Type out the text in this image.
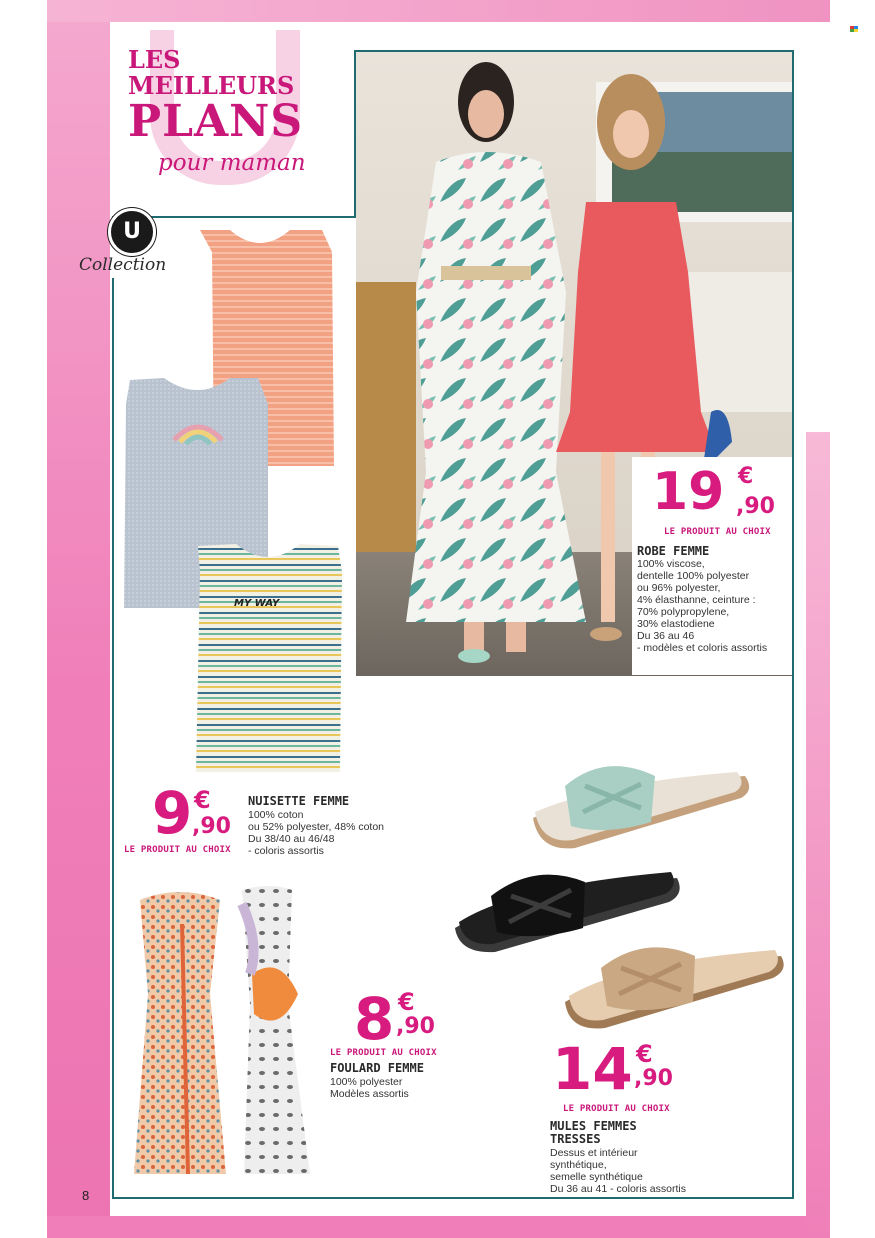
LES
MEILLEURS
PLANS
pour maman
U
Collection
19 €
,90
LE PRODUIT AU CHOIX
ROBE FEMME
100% viscose,
dentelle 100% polyester
ou 96% polyester,
4% élasthanne, ceinture :
70% polypropylene,
30% elastodiene
Du 36 au 46
- modèles et coloris assortis
MY WAY
9 €
,90
LE PRODUIT AU CHOIX
NUISETTE FEMME
100% coton
ou 52% polyester, 48% coton
Du 38/40 au 46/48
- coloris assortis
8 €
,90
LE PRODUIT AU CHOIX
FOULARD FEMME
100% polyester
Modèles assortis 14 €
,90
LE PRODUIT AU CHOIX
MULES FEMMES
TRESSES
Dessus et intérieur
synthétique,
semelle synthétique
Du 36 au 41 - coloris assortis
8
